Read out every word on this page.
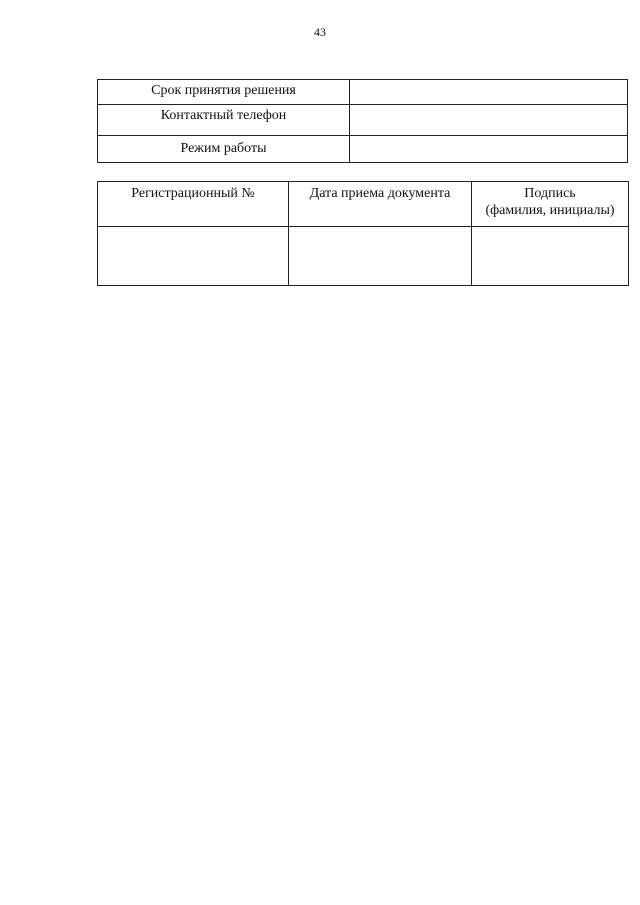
43
Срок принятия решения	
Контактный телефон	
Режим работы	
Регистрационный №	Дата приема документа	Подпись
(фамилия, инициалы)
